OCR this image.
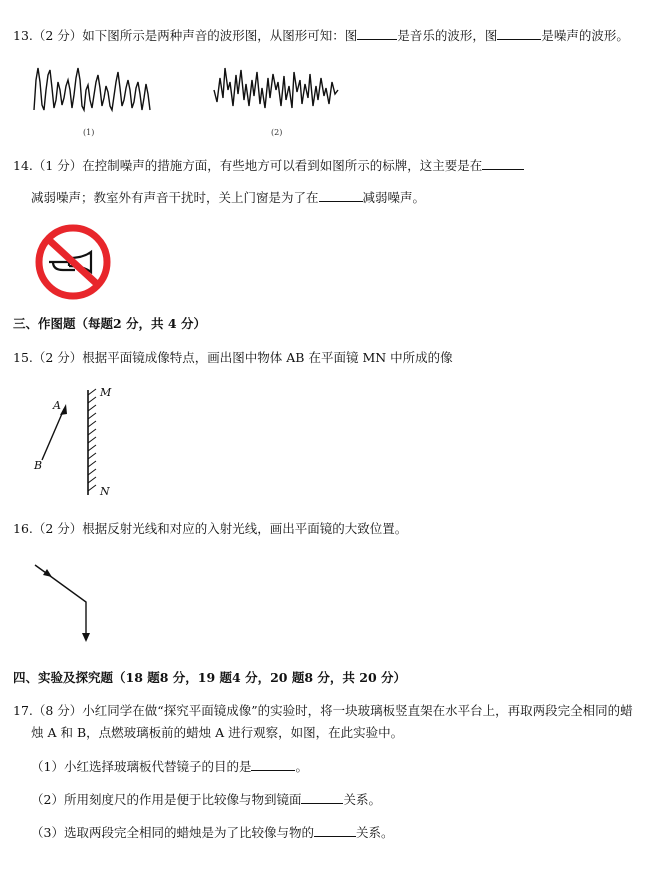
13.（2 分）如下图所示是两种声音的波形图，从图形可知：图	是音乐的波形，图	是噪声的波形。
(1)	(2)
14.（1 分）在控制噪声的措施方面，有些地方可以看到如图所示的标牌，这主要是在
减弱噪声；教室外有声音干扰时，关上门窗是为了在	减弱噪声。
三、作图题（每题2 分，共 4 分）
15.（2 分）根据平面镜成像特点，画出图中物体 AB 在平面镜 MN 中所成的像
A
B
M
N
16.（2 分）根据反射光线和对应的入射光线，画出平面镜的大致位置。
四、实验及探究题（18 题8 分，19 题4 分，20 题8 分，共 20 分）
17.（8 分）小红同学在做“探究平面镜成像”的实验时，将一块玻璃板竖直架在水平台上，再取两段完全相同的蜡
烛 A 和 B，点燃玻璃板前的蜡烛 A 进行观察，如图，在此实验中。
（1）小红选择玻璃板代替镜子的目的是	。
（2）所用刻度尺的作用是便于比较像与物到镜面	关系。
（3）选取两段完全相同的蜡烛是为了比较像与物的	关系。
